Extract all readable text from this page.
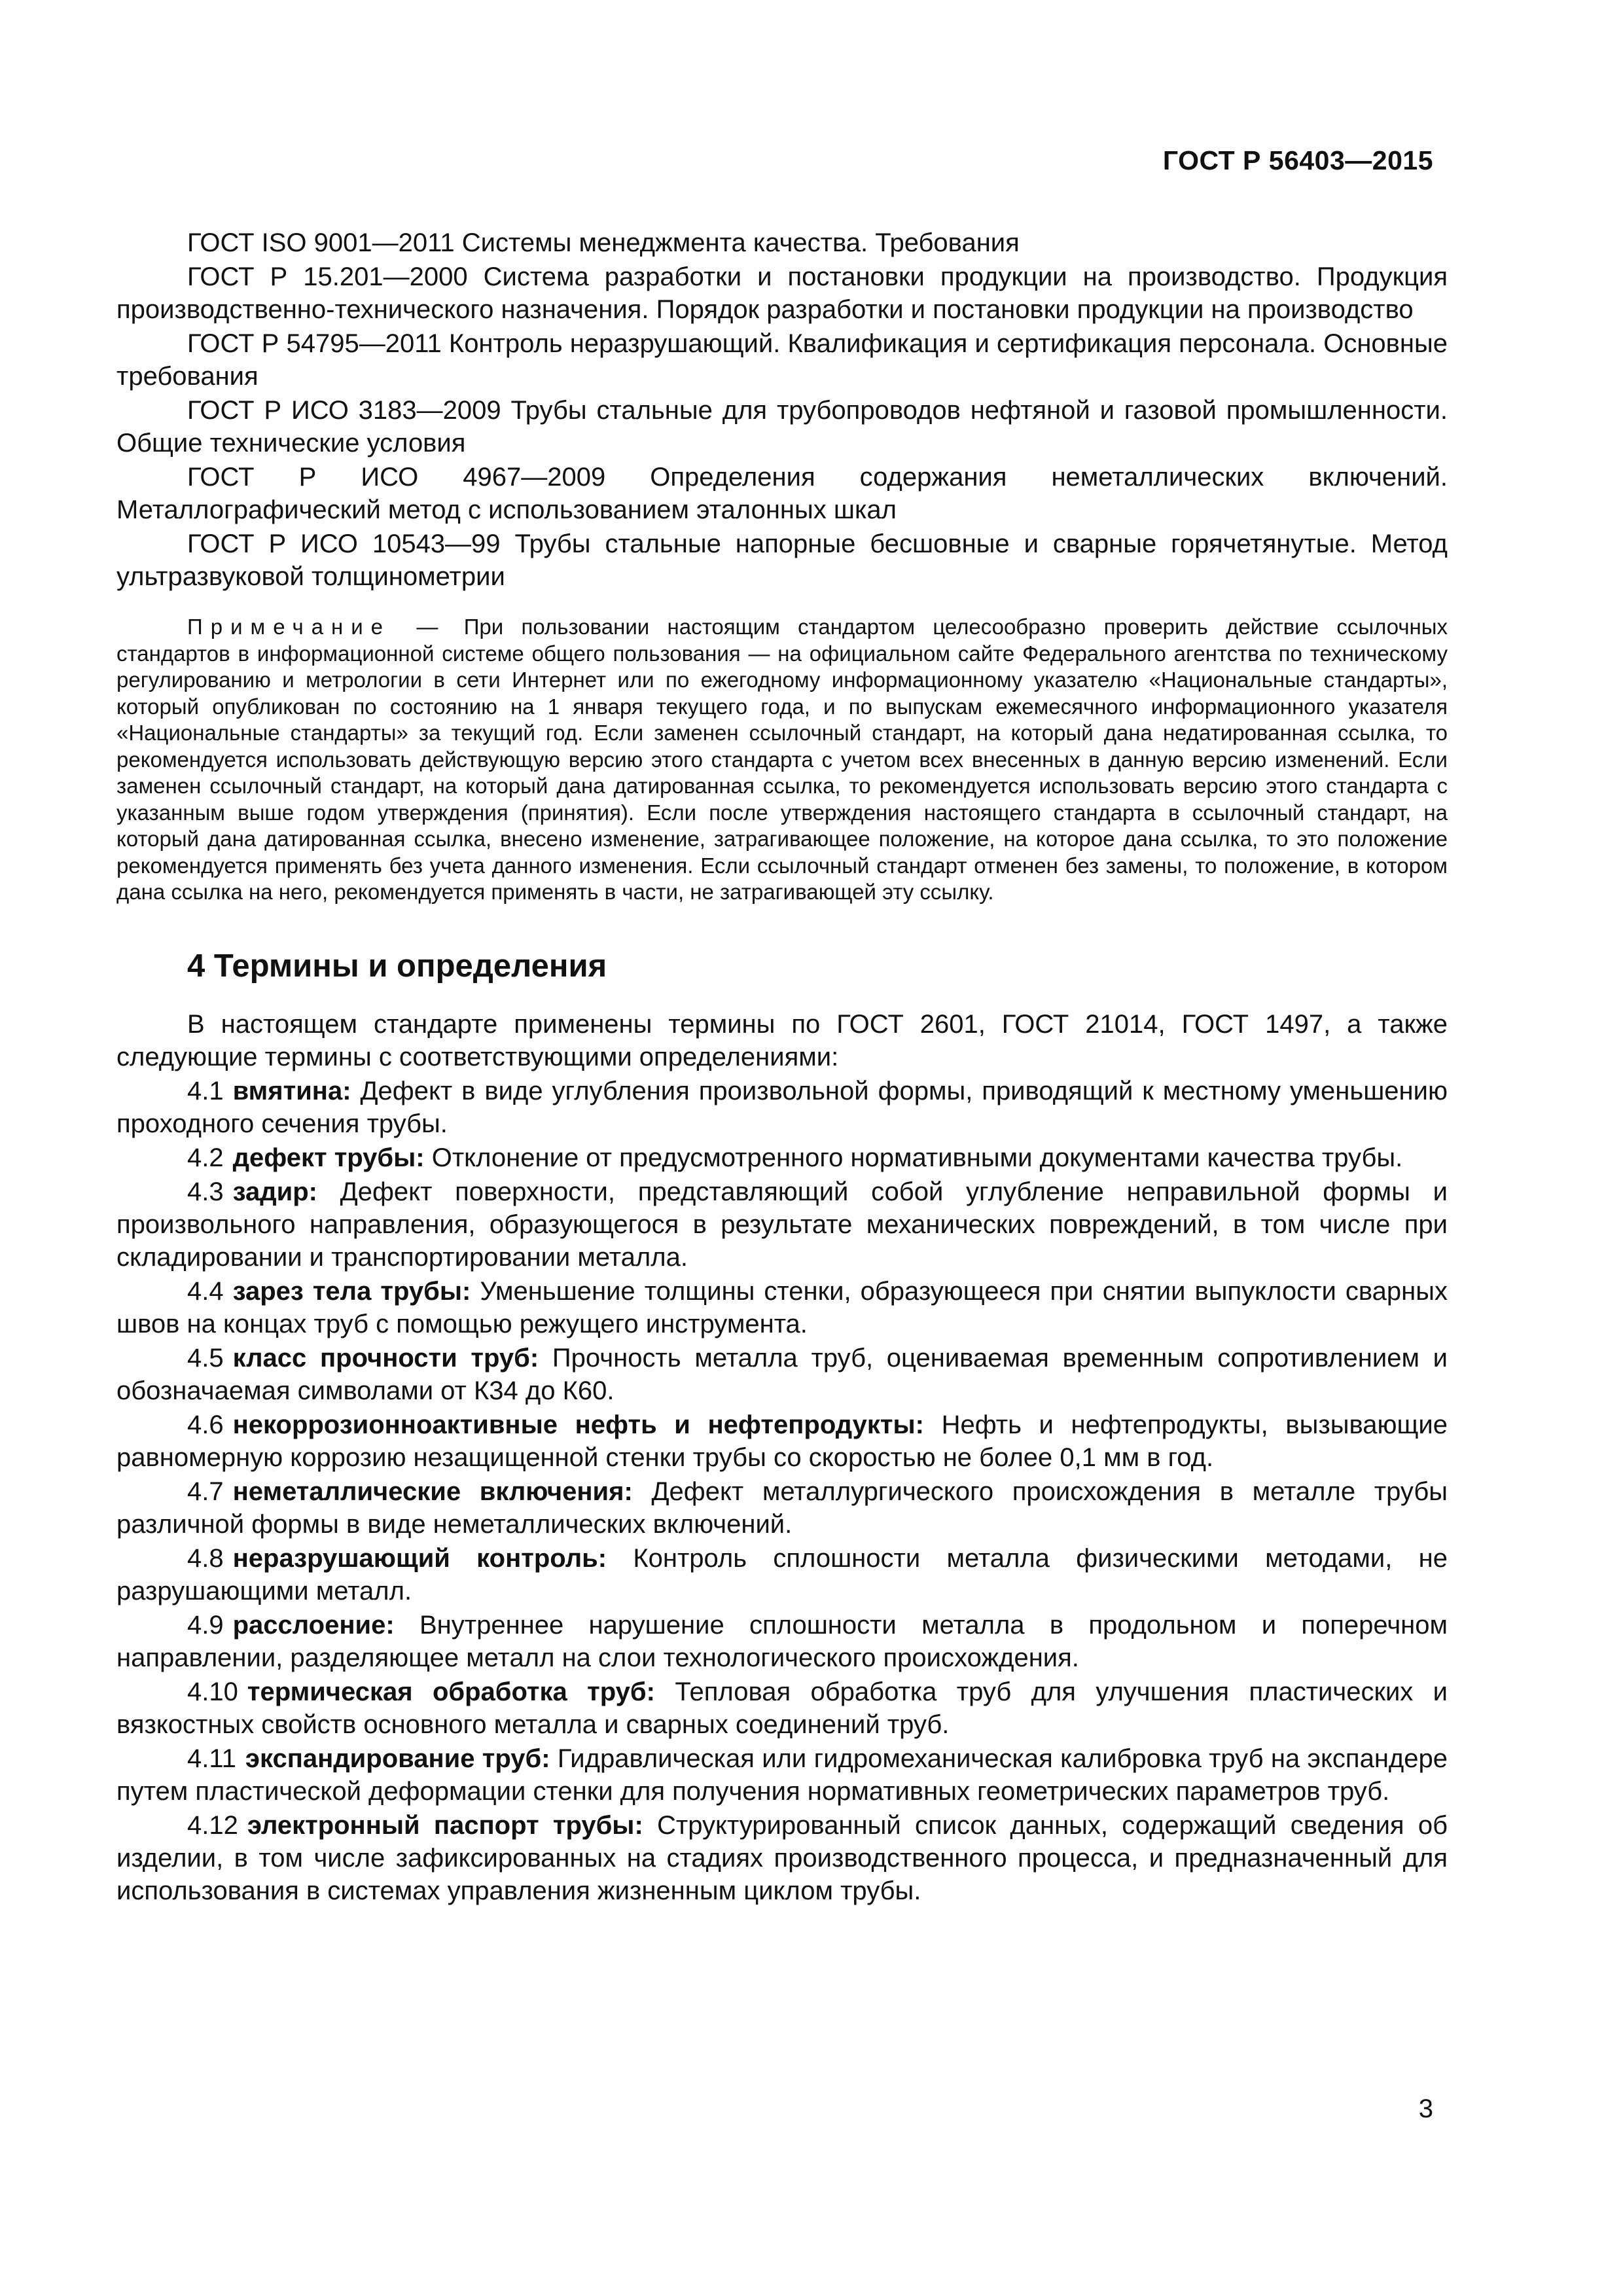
ГОСТ Р 56403—2015

ГОСТ ISO 9001—2011 Системы менеджмента качества. Требования

ГОСТ Р 15.201—2000 Система разработки и постановки продукции на производство. Продукция производственно-технического назначения. Порядок разработки и постановки продукции на производство

ГОСТ Р 54795—2011 Контроль неразрушающий. Квалификация и сертификация персонала. Основные требования

ГОСТ Р ИСО 3183—2009 Трубы стальные для трубопроводов нефтяной и газовой промышленности. Общие технические условия

ГОСТ Р ИСО 4967—2009 Определения содержания неметаллических включений. Металлографический метод с использованием эталонных шкал

ГОСТ Р ИСО 10543—99 Трубы стальные напорные бесшовные и сварные горячетянутые. Метод ультразвуковой толщинометрии

Примечание — При пользовании настоящим стандартом целесообразно проверить действие ссылочных стандартов в информационной системе общего пользования — на официальном сайте Федерального агентства по техническому регулированию и метрологии в сети Интернет или по ежегодному информационному указателю «Национальные стандарты», который опубликован по состоянию на 1 января текущего года, и по выпускам ежемесячного информационного указателя «Национальные стандарты» за текущий год. Если заменен ссылочный стандарт, на который дана недатированная ссылка, то рекомендуется использовать действующую версию этого стандарта с учетом всех внесенных в данную версию изменений. Если заменен ссылочный стандарт, на который дана датированная ссылка, то рекомендуется использовать версию этого стандарта с указанным выше годом утверждения (принятия). Если после утверждения настоящего стандарта в ссылочный стандарт, на который дана датированная ссылка, внесено изменение, затрагивающее положение, на которое дана ссылка, то это положение рекомендуется применять без учета данного изменения. Если ссылочный стандарт отменен без замены, то положение, в котором дана ссылка на него, рекомендуется применять в части, не затрагивающей эту ссылку.
4 Термины и определения

В настоящем стандарте применены термины по ГОСТ 2601, ГОСТ 21014, ГОСТ 1497, а также следующие термины с соответствующими определениями:

4.1 вмятина: Дефект в виде углубления произвольной формы, приводящий к местному уменьшению проходного сечения трубы.

4.2 дефект трубы: Отклонение от предусмотренного нормативными документами качества трубы.

4.3 задир: Дефект поверхности, представляющий собой углубление неправильной формы и произвольного направления, образующегося в результате механических повреждений, в том числе при складировании и транспортировании металла.

4.4 зарез тела трубы: Уменьшение толщины стенки, образующееся при снятии выпуклости сварных швов на концах труб с помощью режущего инструмента.

4.5 класс прочности труб: Прочность металла труб, оцениваемая временным сопротивлением и обозначаемая символами от К34 до К60.

4.6 некоррозионноактивные нефть и нефтепродукты: Нефть и нефтепродукты, вызывающие равномерную коррозию незащищенной стенки трубы со скоростью не более 0,1 мм в год.

4.7 неметаллические включения: Дефект металлургического происхождения в металле трубы различной формы в виде неметаллических включений.

4.8 неразрушающий контроль: Контроль сплошности металла физическими методами, не разрушающими металл.

4.9 расслоение: Внутреннее нарушение сплошности металла в продольном и поперечном направлении, разделяющее металл на слои технологического происхождения.

4.10 термическая обработка труб: Тепловая обработка труб для улучшения пластических и вязкостных свойств основного металла и сварных соединений труб.

4.11 экспандирование труб: Гидравлическая или гидромеханическая калибровка труб на экспандере путем пластической деформации стенки для получения нормативных геометрических параметров труб.

4.12 электронный паспорт трубы: Структурированный список данных, содержащий сведения об изделии, в том числе зафиксированных на стадиях производственного процесса, и предназначенный для использования в системах управления жизненным циклом трубы.

3
